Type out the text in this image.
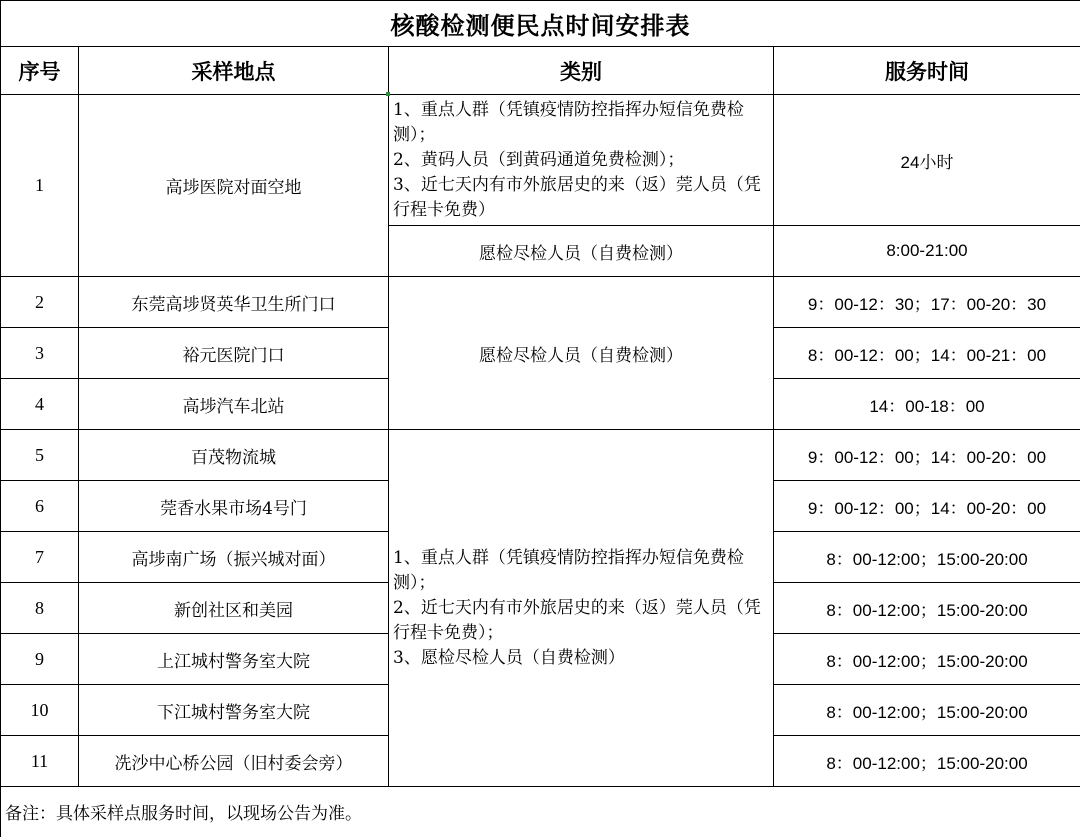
核酸检测便民点时间安排表			
序号	采样地点	类别	服务时间
1	高埗医院对面空地	1、重点人群（凭镇疫情防控指挥办短信免费检测）；
2、黄码人员（到黄码通道免费检测）；
3、近七天内有市外旅居史的来（返）莞人员（凭行程卡免费）	24小时
		愿检尽检人员（自费检测）	8:00-21:00
2	东莞高埗贤英华卫生所门口	愿检尽检人员（自费检测）	9：00-12：30；17：00-20：30
3	裕元医院门口		8：00-12：00；14：00-21：00
4	高埗汽车北站		14：00-18：00
5	百茂物流城	1、重点人群（凭镇疫情防控指挥办短信免费检测）；
2、近七天内有市外旅居史的来（返）莞人员（凭行程卡免费）；
3、愿检尽检人员（自费检测）	9：00-12：00；14：00-20：00
6	莞香水果市场4号门		9：00-12：00；14：00-20：00
7	高埗南广场（振兴城对面）		8：00-12:00；15:00-20:00
8	新创社区和美园		8：00-12:00；15:00-20:00
9	上江城村警务室大院		8：00-12:00；15:00-20:00
10	下江城村警务室大院		8：00-12:00；15:00-20:00
11	冼沙中心桥公园（旧村委会旁）		8：00-12:00；15:00-20:00
备注：具体采样点服务时间，以现场公告为准。			
